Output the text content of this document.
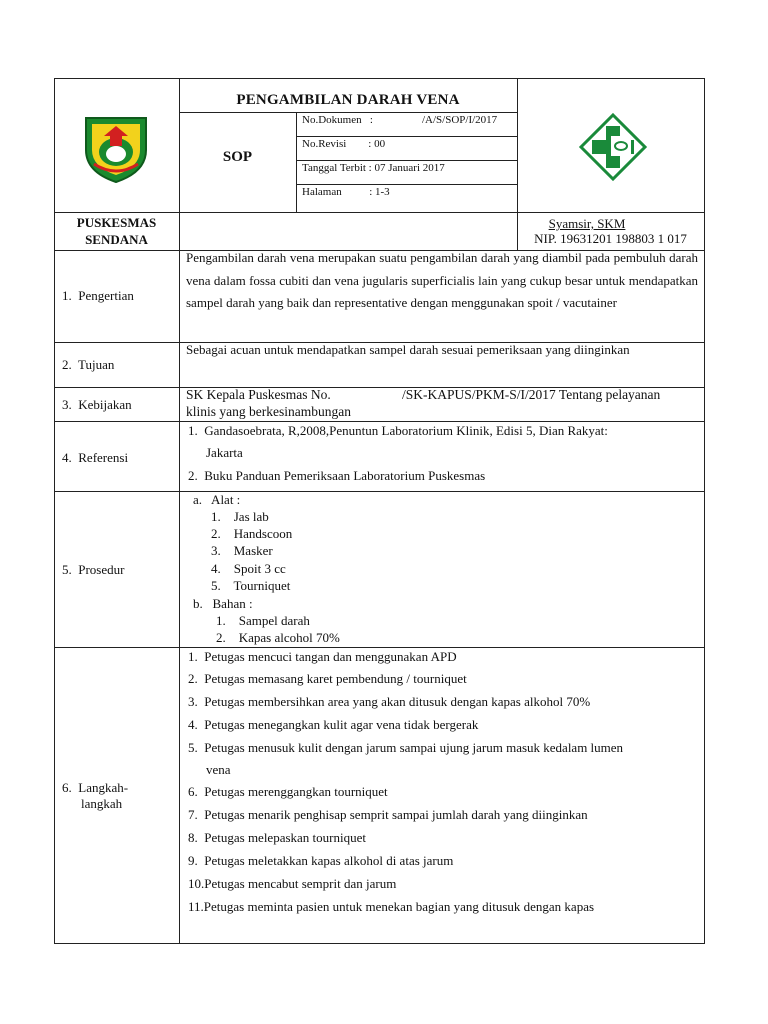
PENGAMBILAN DARAH VENA
SOP
No.Dokumen   :	/A/S/SOP/I/2017
No.Revisi        : 00
Tanggal Terbit : 07 Januari 2017
Halaman          : 1-3
PUSKESMAS
SENDANA
Syamsir, SKM
NIP. 19631201 198803 1 017
1.  Pengertian
Pengambilan darah vena merupakan suatu pengambilan darah yang diambil pada pembuluh darah vena dalam fossa cubiti dan vena jugularis superficialis lain yang cukup besar untuk mendapatkan sampel darah yang baik dan representative dengan menggunakan spoit / vacutainer
2.  Tujuan
Sebagai acuan untuk mendapatkan sampel darah sesuai pemeriksaan yang diinginkan
3.  Kebijakan
SK Kepala Puskesmas No.	/SK-KAPUS/PKM-S/I/2017 Tentang pelayanan
klinis yang berkesinambungan
4.  Referensi
1.  Gandasoebrata, R,2008,Penuntun Laboratorium Klinik, Edisi 5, Dian Rakyat:
Jakarta
2.  Buku Panduan Pemeriksaan Laboratorium Puskesmas
5.  Prosedur
a.   Alat :
1.    Jas lab
2.    Handscoon
3.    Masker
4.    Spoit 3 cc
5.    Tourniquet
b.   Bahan :
1.    Sampel darah
2.    Kapas alcohol 70%
6.  Langkah-
langkah
1.  Petugas mencuci tangan dan menggunakan APD
2.  Petugas memasang karet pembendung / tourniquet
3.  Petugas membersihkan area yang akan ditusuk dengan kapas alkohol 70%
4.  Petugas menegangkan kulit agar vena tidak bergerak
5.  Petugas menusuk kulit dengan jarum sampai ujung jarum masuk kedalam lumen
vena
6.  Petugas merenggangkan tourniquet
7.  Petugas menarik penghisap semprit sampai jumlah darah yang diinginkan
8.  Petugas melepaskan tourniquet
9.  Petugas meletakkan kapas alkohol di atas jarum
10.Petugas mencabut semprit dan jarum
11.Petugas meminta pasien untuk menekan bagian yang ditusuk dengan kapas
